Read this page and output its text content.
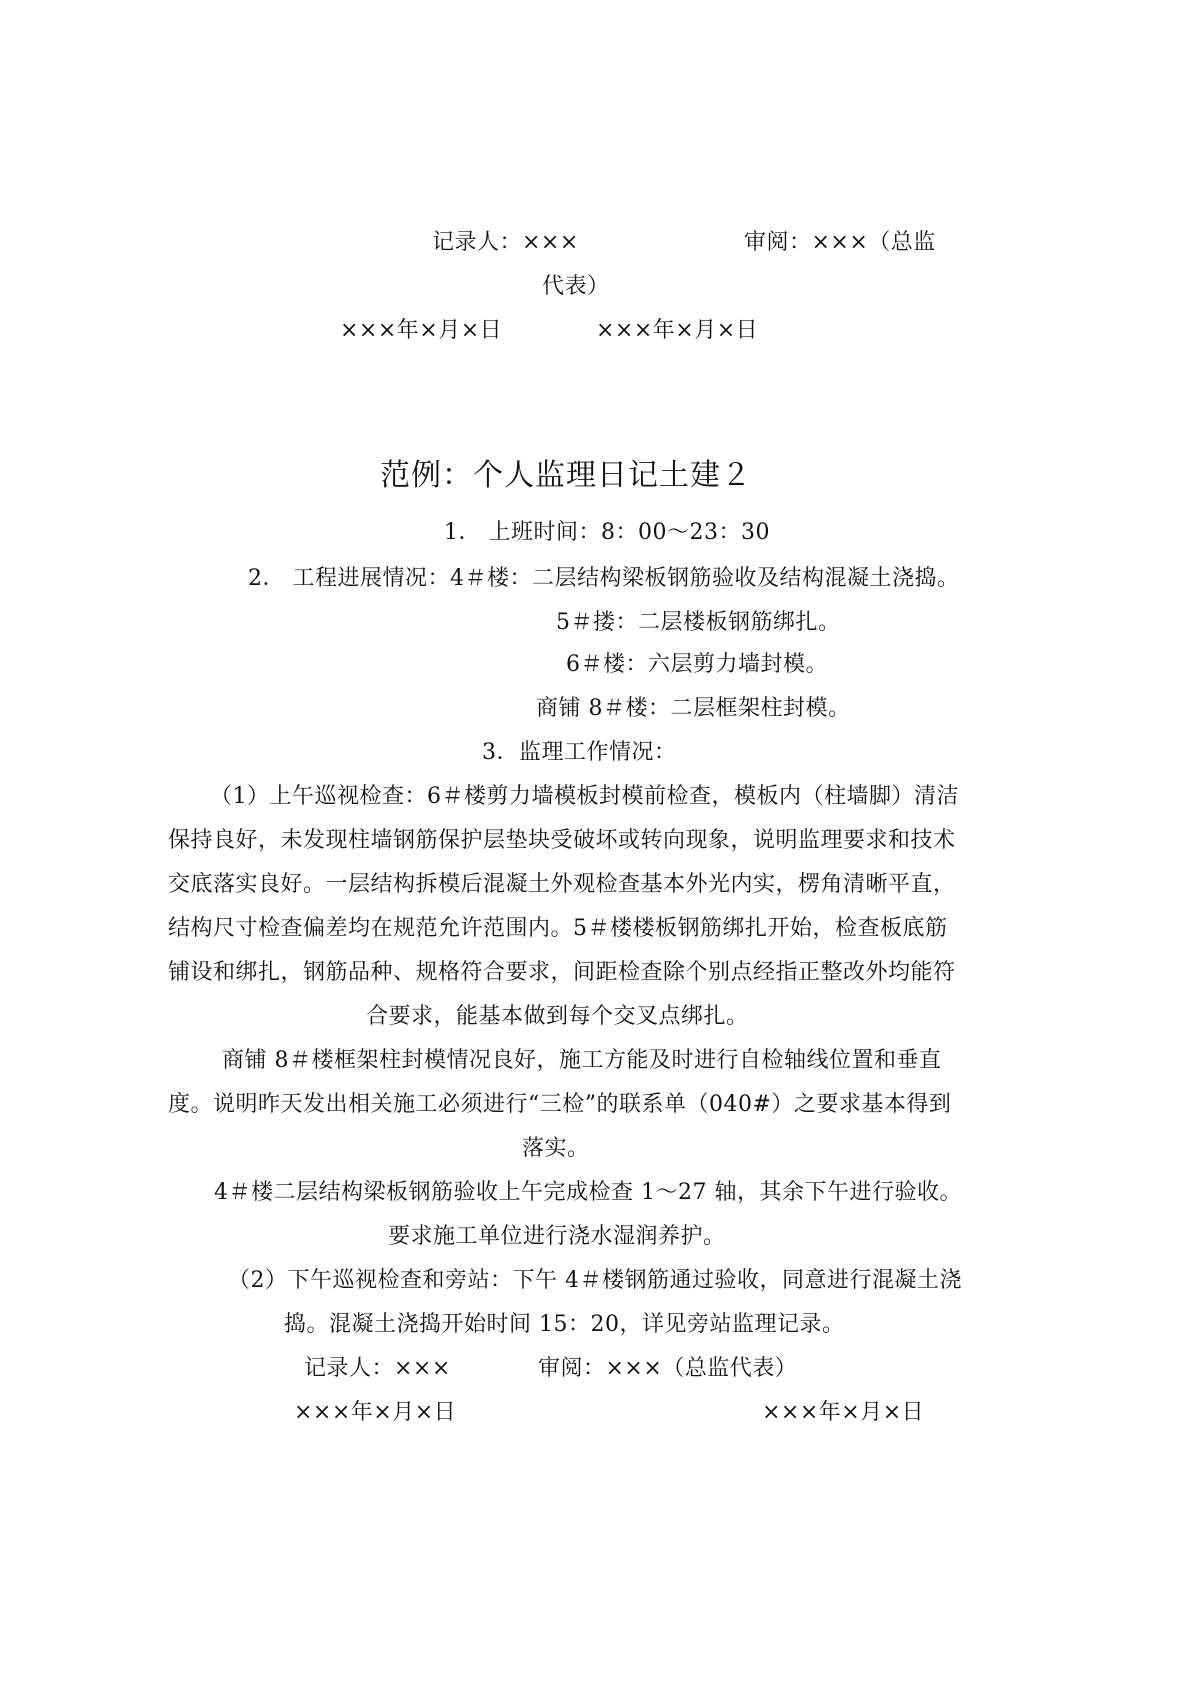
记录人：×××	审阅：×××（总监
代表）
×××年×月×日	×××年×月×日
范例：个人监理日记土建２
1． 上班时间：8：00～23：30
2． 工程进展情况：4＃楼：二层结构梁板钢筋验收及结构混凝土浇捣。
5＃搂：二层楼板钢筋绑扎。
6＃楼：六层剪力墙封模。
商铺 8＃楼：二层框架柱封模。
3．监理工作情况：
（1）上午巡视检查：6＃楼剪力墙模板封模前检查，模板内（柱墙脚）清洁
保持良好，未发现柱墙钢筋保护层垫块受破坏或转向现象，说明监理要求和技术
交底落实良好。一层结构拆模后混凝土外观检查基本外光内实，楞角清晰平直，
结构尺寸检查偏差均在规范允许范围内。5＃楼楼板钢筋绑扎开始，检查板底筋
铺设和绑扎，钢筋品种、规格符合要求，间距检查除个别点经指正整改外均能符
合要求，能基本做到每个交叉点绑扎。
商铺 8＃楼框架柱封模情况良好，施工方能及时进行自检轴线位置和垂直
度。说明昨天发出相关施工必须进行“三检”的联系单（040#）之要求基本得到
落实。
4＃楼二层结构梁板钢筋验收上午完成检查 1～27 轴，其余下午进行验收。
要求施工单位进行浇水湿润养护。
（2）下午巡视检查和旁站：下午 4＃楼钢筋通过验收，同意进行混凝土浇
捣。混凝土浇捣开始时间 15：20，详见旁站监理记录。
记录人：×××	审阅：×××（总监代表）
×××年×月×日	×××年×月×日
